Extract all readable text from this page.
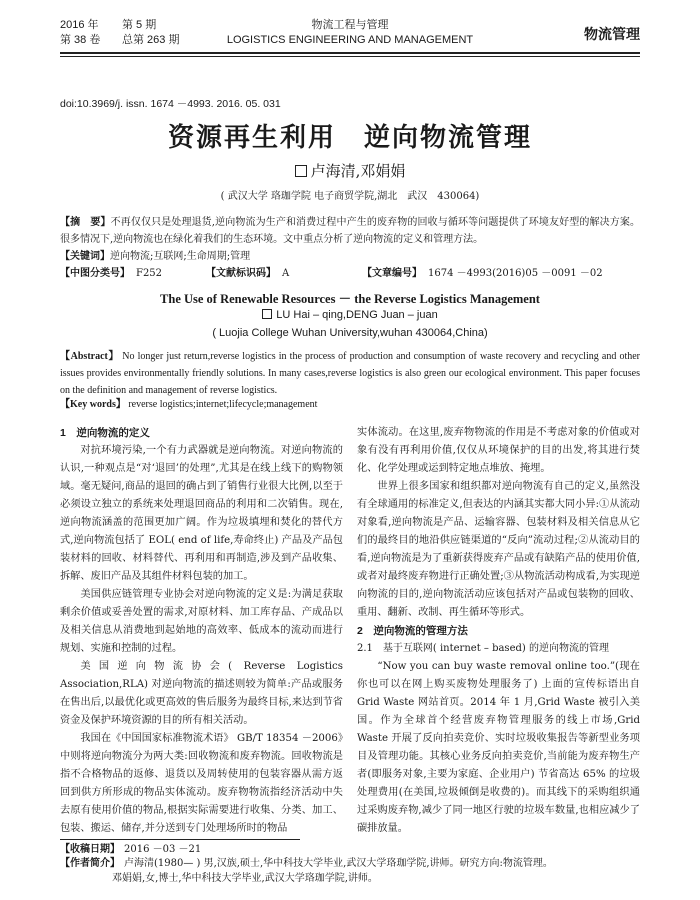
2016 年 第 5 期
第 38 卷 总第 263 期
物流工程与管理
LOGISTICS ENGINEERING AND MANAGEMENT	物流管理
doi:10.3969/j. issn. 1674 －4993. 2016. 05. 031
资源再生利用　逆向物流管理
卢海清,邓娟娟
( 武汉大学 珞珈学院 电子商贸学院,湖北　武汉　430064)
【摘　要】不再仅仅只是处理退货,逆向物流为生产和消费过程中产生的废弃物的回收与循环等问题提供了环境友好型的解决方案。很多情况下,逆向物流也在绿化着我们的生态环境。文中重点分析了逆向物流的定义和管理方法。
【关键词】逆向物流;互联网;生命周期;管理
【中图分类号】 F252	【文献标识码】 A	【文章编号】 1674 －4993(2016)05 －0091 －02
The Use of Renewable Resources － the Reverse Logistics Management
LU Hai – qing,DENG Juan – juan
( Luojia College Wuhan University,wuhan 430064,China)
【Abstract】 No longer just return,reverse logistics in the process of production and consumption of waste recovery and recycling and other issues provides environmentally friendly solutions. In many cases,reverse logistics is also green our ecological environment. This paper focuses on the definition and management of reverse logistics.
【Key words】 reverse logistics;internet;lifecycle;management
1　逆向物流的定义

对抗环境污染,一个有力武器就是逆向物流。对逆向物流的认识,一种观点是“对‘退回’的处理”,尤其是在线上线下的购物领域。毫无疑问,商品的退回的确占到了销售行业很大比例,以至于必须设立独立的系统来处理退回商品的利用和二次销售。现在,逆向物流涵盖的范围更加广阔。作为垃圾填埋和焚化的替代方式,逆向物流包括了 EOL( end of life,寿命终止) 产品及产品包装材料的回收、材料替代、再利用和再制造,涉及到产品收集、拆解、废旧产品及其组件材料包装的加工。

美国供应链管理专业协会对逆向物流的定义是:为满足获取剩余价值或妥善处置的需求,对原材料、加工库存品、产成品以及相关信息从消费地到起始地的高效率、低成本的流动而进行规划、实施和控制的过程。

美国逆向物流协会( Reverse Logistics Association,RLA) 对逆向物流的描述则较为简单:产品或服务在售出后,以最优化或更高效的售后服务为最终目标,来达到节省资金及保护环境资源的目的所有相关活动。

我国在《中国国家标准物流术语》 GB/T 18354 －2006》中则将逆向物流分为两大类:回收物流和废弃物流。回收物流是指不合格物品的返修、退货以及周转使用的包装容器从需方返回到供方所形成的物品实体流动。废弃物物流指经济活动中失去原有使用价值的物品,根据实际需要进行收集、分类、加工、包装、搬运、储存,并分送到专门处理场所时的物品

实体流动。在这里,废弃物物流的作用是不考虑对象的价值或对象有没有再利用价值,仅仅从环境保护的目的出发,将其进行焚化、化学处理或运到特定地点堆放、掩埋。

世界上很多国家和组织都对逆向物流有自己的定义,虽然没有全球通用的标准定义,但表达的内涵其实都大同小异:①从流动对象看,逆向物流是产品、运输容器、包装材料及相关信息从它们的最终目的地沿供应链渠道的“反向”流动过程;②从流动目的看,逆向物流是为了重新获得废弃产品或有缺陷产品的使用价值,或者对最终废弃物进行正确处置;③从物流活动构成看,为实现逆向物流的目的,逆向物流活动应该包括对产品或包装物的回收、重用、翻新、改制、再生循环等形式。

2　逆向物流的管理方法
2.1　基于互联网( internet – based) 的逆向物流的管理

“Now you can buy waste removal online too.”(现在你也可以在网上购买废物处理服务了) 上面的宣传标语出自 Grid Waste 网站首页。2014 年 1 月,Grid Waste 被引入美国。作为全球首个经营废弃物管理服务的线上市场,Grid Waste 开展了反向拍卖竞价、实时垃圾收集报告等新型业务项目及管理功能。其核心业务反向拍卖竞价,当前能为废弃物生产者(即服务对象,主要为家庭、企业用户) 节省高达 65% 的垃圾处理费用(在美国,垃圾倾倒是收费的)。而其线下的采购组织通过采购废弃物,减少了同一地区行驶的垃圾车数量,也相应减少了碳排放量。

【收稿日期】 2016 －03 －21
【作者简介】 卢海清(1980— ) 男,汉族,硕士,华中科技大学毕业,武汉大学珞珈学院,讲师。研究方向:物流管理。
邓娟娟,女,博士,华中科技大学毕业,武汉大学珞珈学院,讲师。
